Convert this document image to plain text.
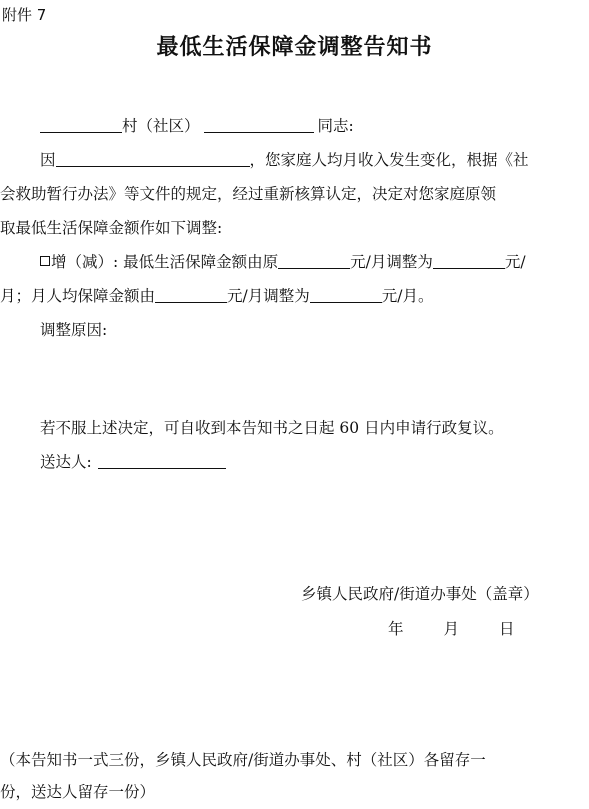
附件 7
最低生活保障金调整告知书
村（社区）	同志:
因	，您家庭人均月收入发生变化，根据《社
会救助暂行办法》等文件的规定，经过重新核算认定，决定对您家庭原领
取最低生活保障金额作如下调整:
增（减）: 最低生活保障金额由原	元/月调整为	元/
月；月人均保障金额由	元/月调整为	元/月。
调整原因:
若不服上述决定，可自收到本告知书之日起 60 日内申请行政复议。
送达人:
乡镇人民政府/街道办事处（盖章）
年	月	日
（本告知书一式三份，乡镇人民政府/街道办事处、村（社区）各留存一
份，送达人留存一份）
